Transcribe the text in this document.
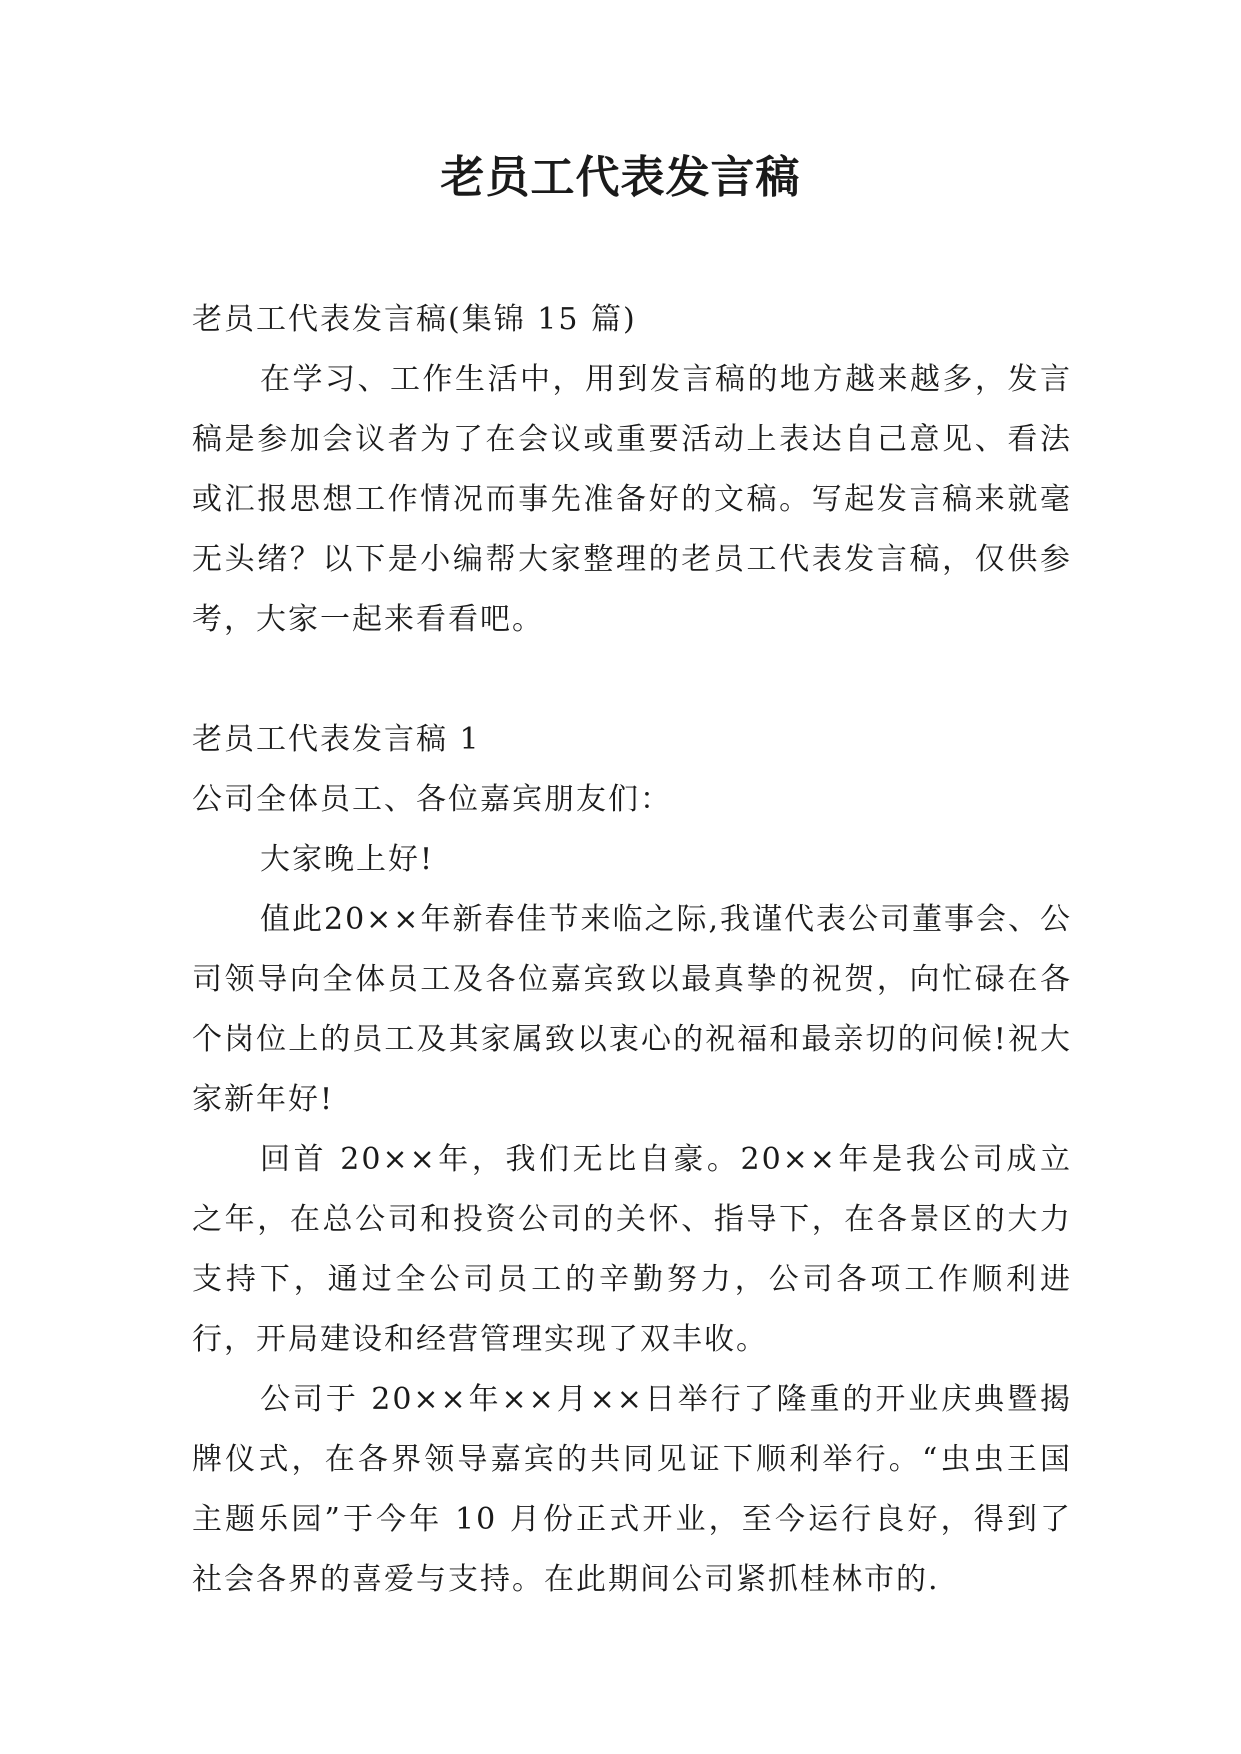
老员工代表发言稿

老员工代表发言稿(集锦 15 篇)

在学习、工作生活中，用到发言稿的地方越来越多，发言稿是参加会议者为了在会议或重要活动上表达自己意见、看法或汇报思想工作情况而事先准备好的文稿。写起发言稿来就毫无头绪？以下是小编帮大家整理的老员工代表发言稿，仅供参考，大家一起来看看吧。

老员工代表发言稿 1

公司全体员工、各位嘉宾朋友们：

大家晚上好!

值此20××年新春佳节来临之际,我谨代表公司董事会、公司领导向全体员工及各位嘉宾致以最真挚的祝贺，向忙碌在各个岗位上的员工及其家属致以衷心的祝福和最亲切的问候!祝大家新年好!

回首 20××年，我们无比自豪。20××年是我公司成立之年，在总公司和投资公司的关怀、指导下，在各景区的大力支持下，通过全公司员工的辛勤努力，公司各项工作顺利进行，开局建设和经营管理实现了双丰收。

公司于 20××年××月××日举行了隆重的开业庆典暨揭牌仪式，在各界领导嘉宾的共同见证下顺利举行。“虫虫王国主题乐园”于今年 10 月份正式开业，至今运行良好，得到了社会各界的喜爱与支持。在此期间公司紧抓桂林市的.
